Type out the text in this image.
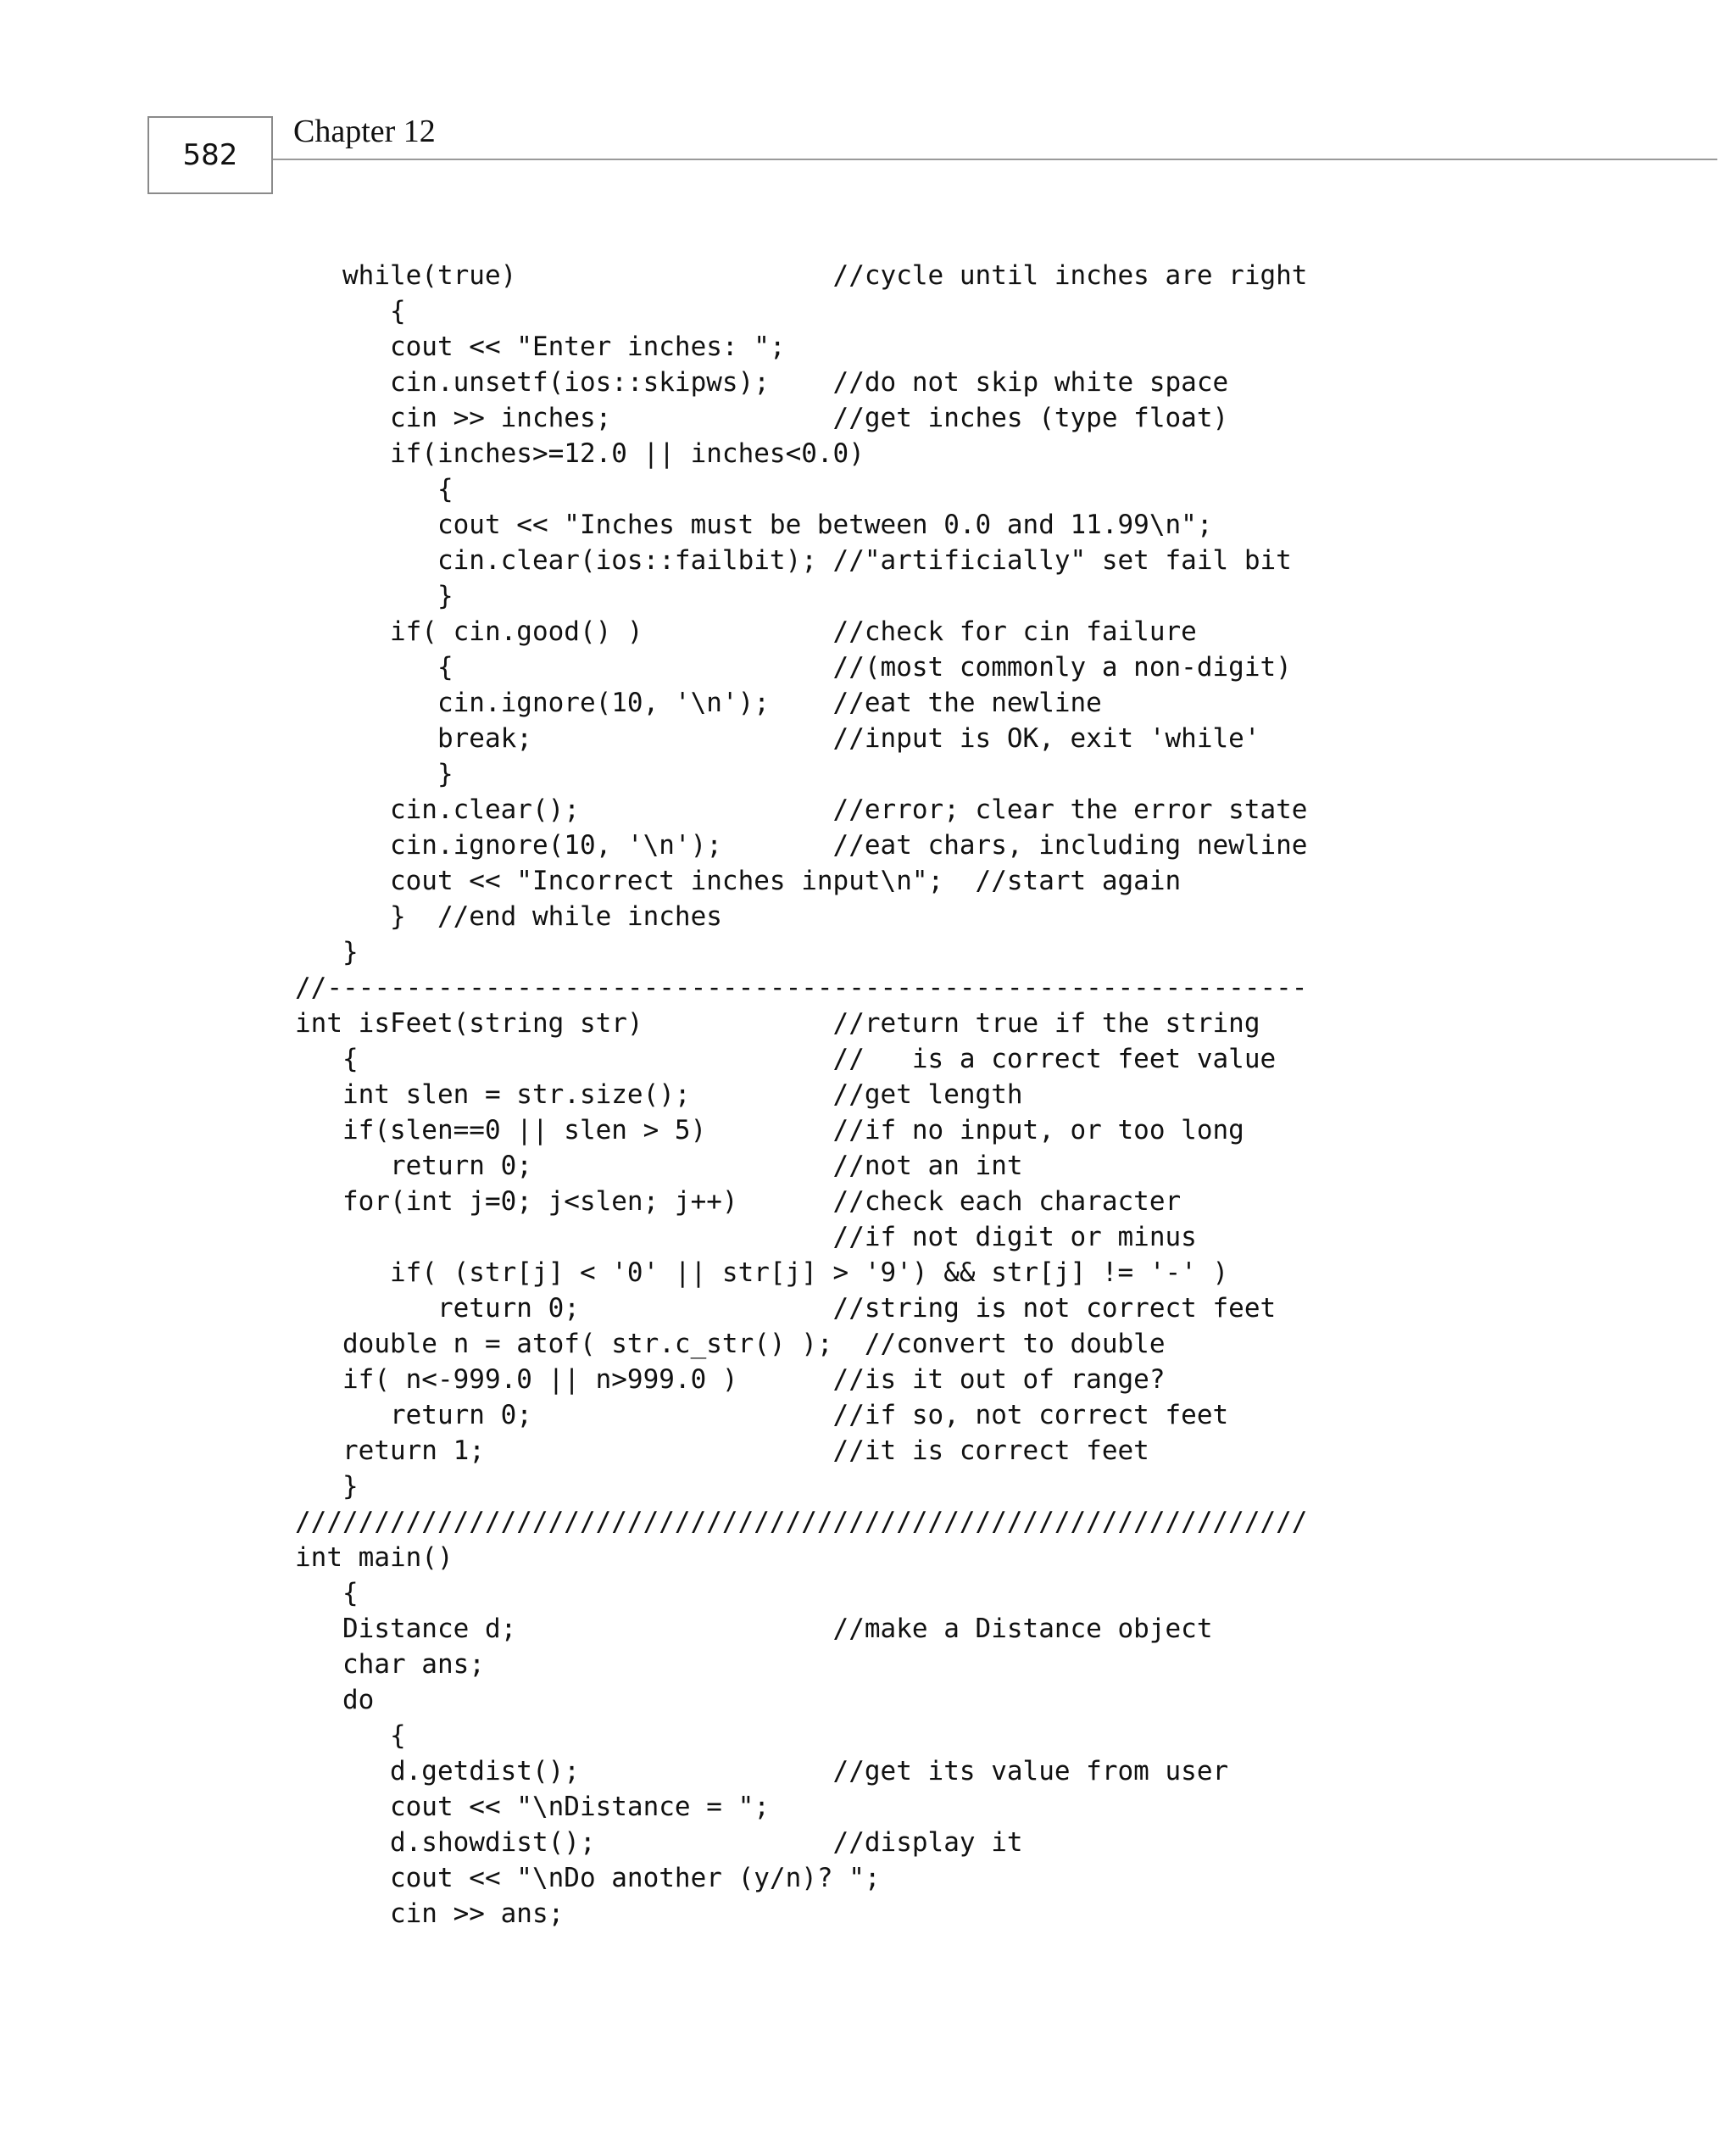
582
Chapter 12
while(true)                    //cycle until inches are right
{
cout << "Enter inches: ";
cin.unsetf(ios::skipws);    //do not skip white space
cin >> inches;              //get inches (type float)
if(inches>=12.0 || inches<0.0)
{
cout << "Inches must be between 0.0 and 11.99\n";
cin.clear(ios::failbit); //"artificially" set fail bit
}
if( cin.good() )            //check for cin failure
{                        //(most commonly a non-digit)
cin.ignore(10, '\n');    //eat the newline
break;                   //input is OK, exit 'while'
}
cin.clear();                //error; clear the error state
cin.ignore(10, '\n');       //eat chars, including newline
cout << "Incorrect inches input\n";  //start again
}  //end while inches
}
//--------------------------------------------------------------
int isFeet(string str)            //return true if the string
{                              //   is a correct feet value
int slen = str.size();         //get length
if(slen==0 || slen > 5)        //if no input, or too long
return 0;                   //not an int
for(int j=0; j<slen; j++)      //check each character
//if not digit or minus
if( (str[j] < '0' || str[j] > '9') && str[j] != '-' )
return 0;                //string is not correct feet
double n = atof( str.c_str() );  //convert to double
if( n<-999.0 || n>999.0 )      //is it out of range?
return 0;                   //if so, not correct feet
return 1;                      //it is correct feet
}
////////////////////////////////////////////////////////////////
int main()
{
Distance d;                    //make a Distance object
char ans;
do
{
d.getdist();                //get its value from user
cout << "\nDistance = ";
d.showdist();               //display it
cout << "\nDo another (y/n)? ";
cin >> ans;
